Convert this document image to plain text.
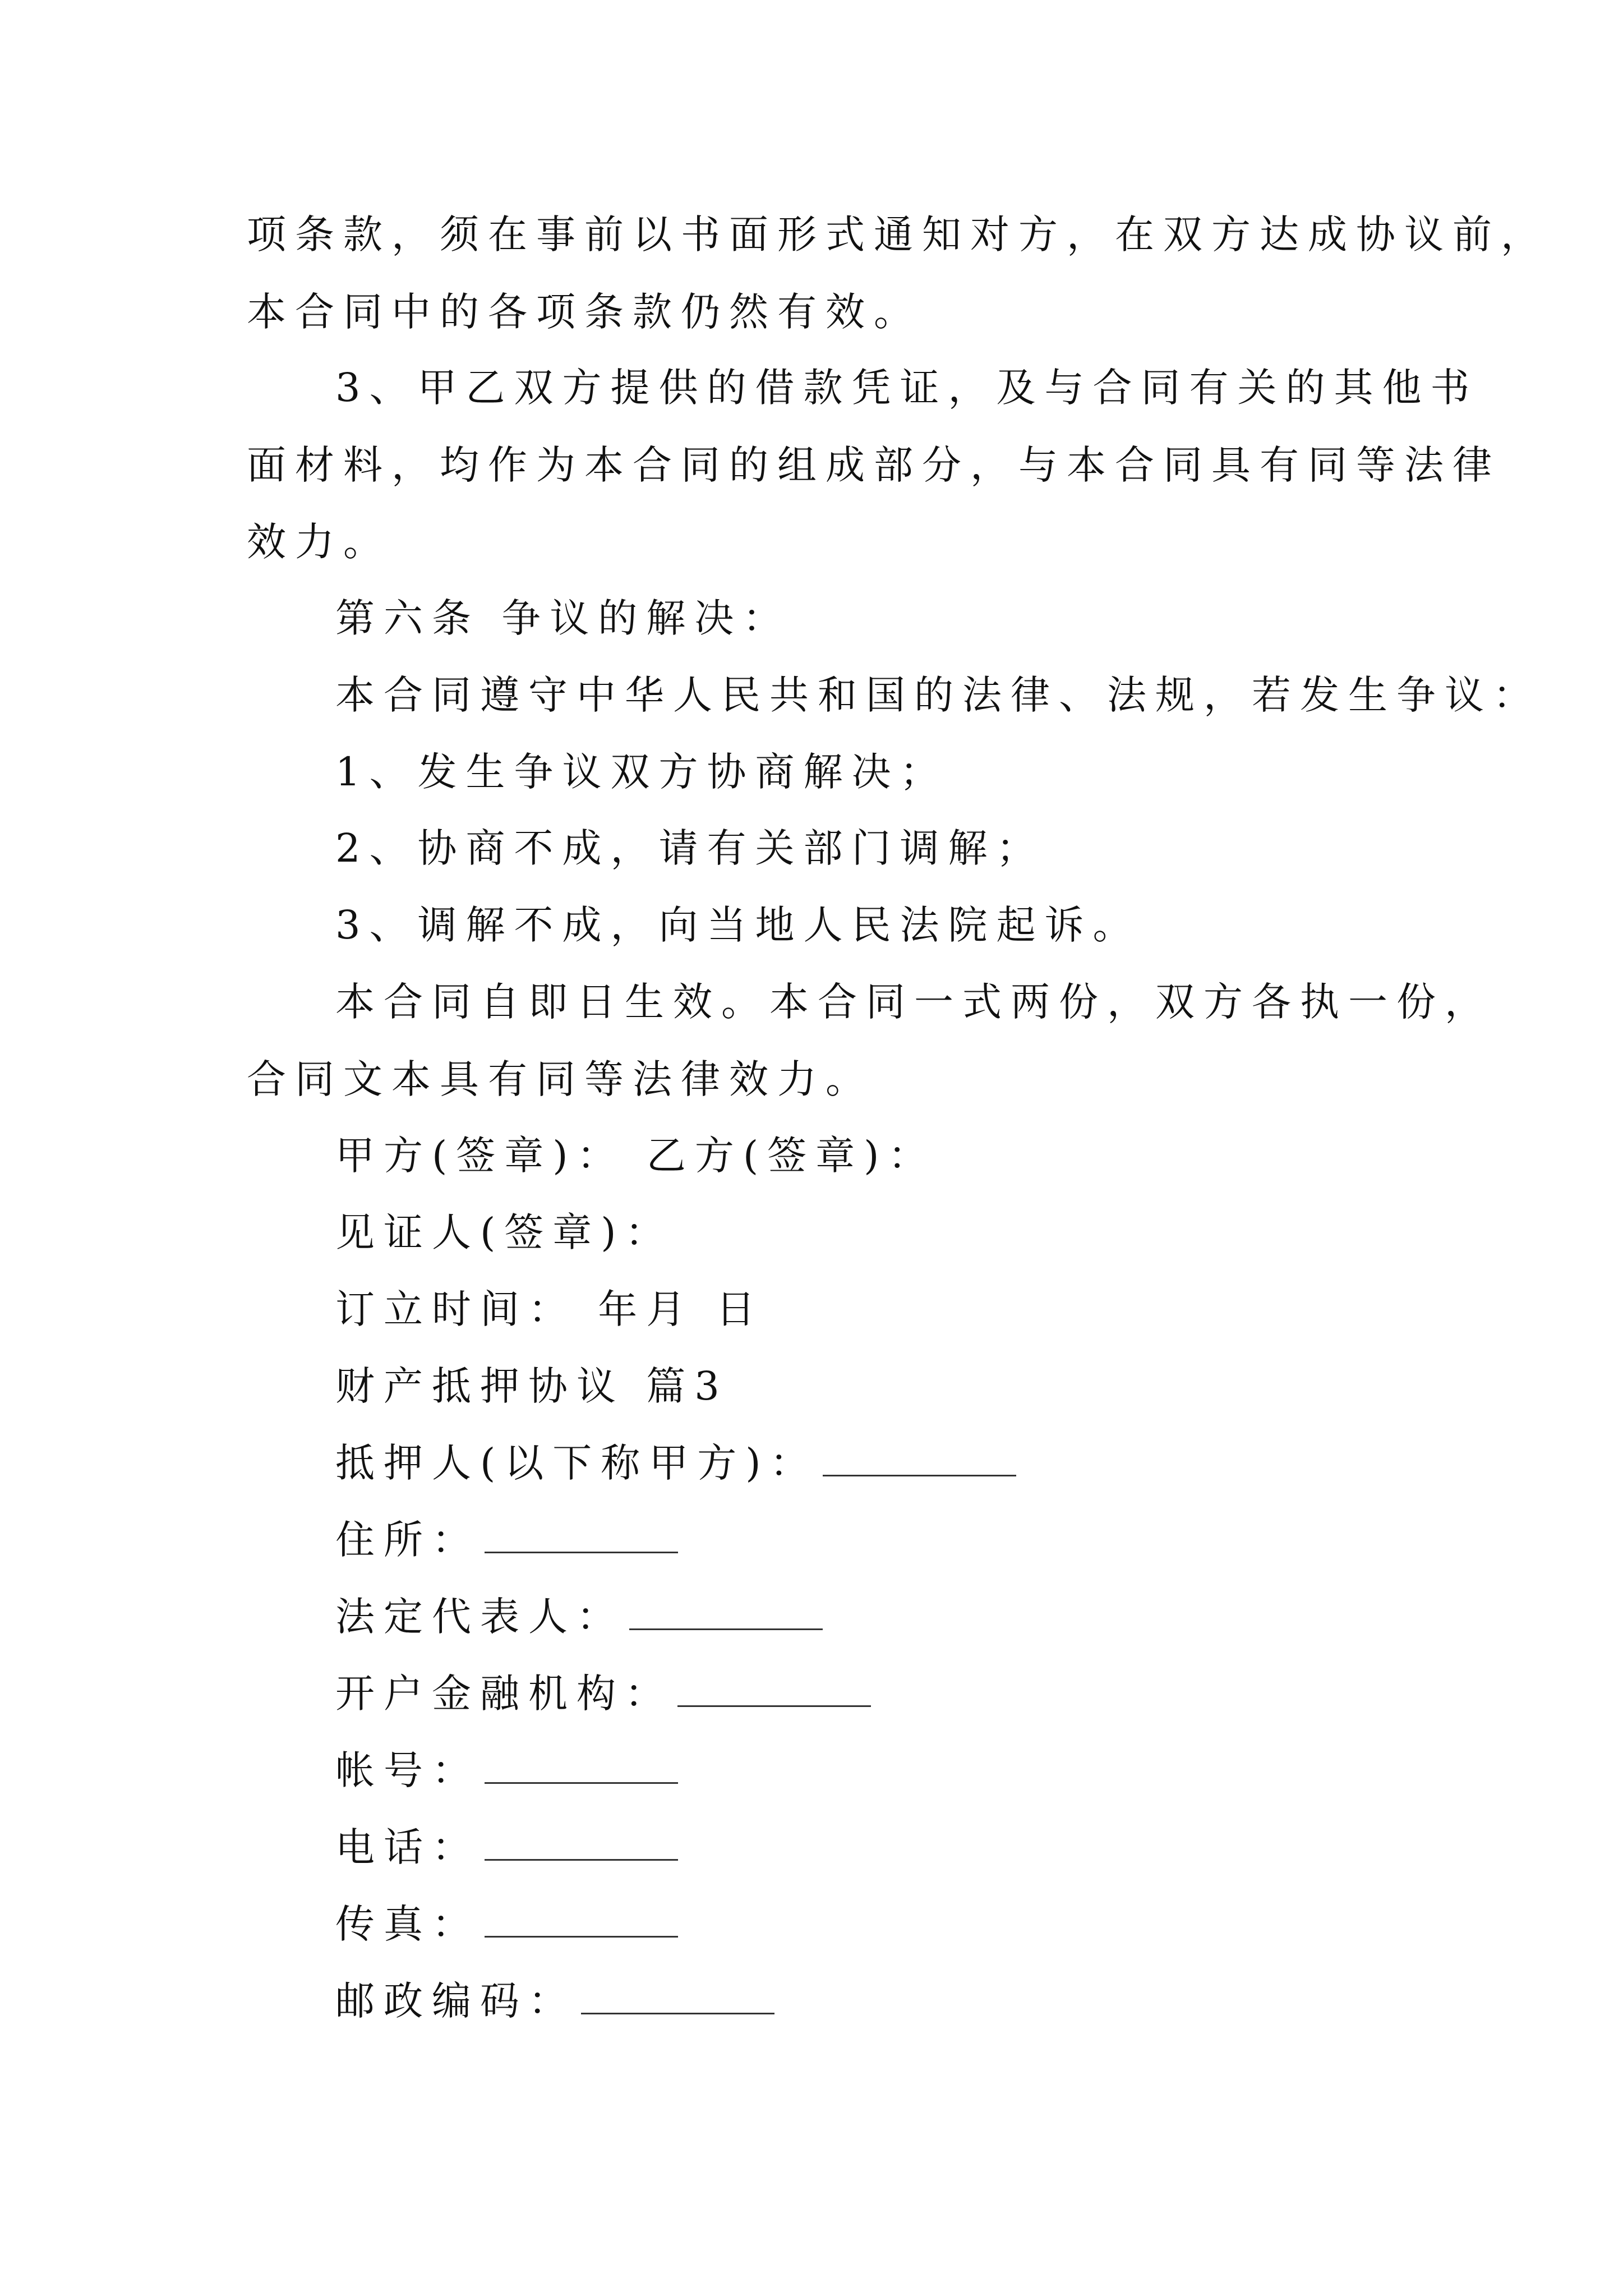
项条款，须在事前以书面形式通知对方，在双方达成协议前，
本合同中的各项条款仍然有效。
3、甲乙双方提供的借款凭证，及与合同有关的其他书
面材料，均作为本合同的组成部分，与本合同具有同等法律
效力。
第六条 争议的解决：
本合同遵守中华人民共和国的法律、法规，若发生争议：
1、发生争议双方协商解决；
2、协商不成，请有关部门调解；
3、调解不成，向当地人民法院起诉。
本合同自即日生效。本合同一式两份，双方各执一份，
合同文本具有同等法律效力。
甲方(签章)： 乙方(签章)：
见证人(签章)：
订立时间： 年月 日
财产抵押协议 篇3
抵押人(以下称甲方)：
住所：
法定代表人：
开户金融机构：
帐号：
电话：
传真：
邮政编码：
